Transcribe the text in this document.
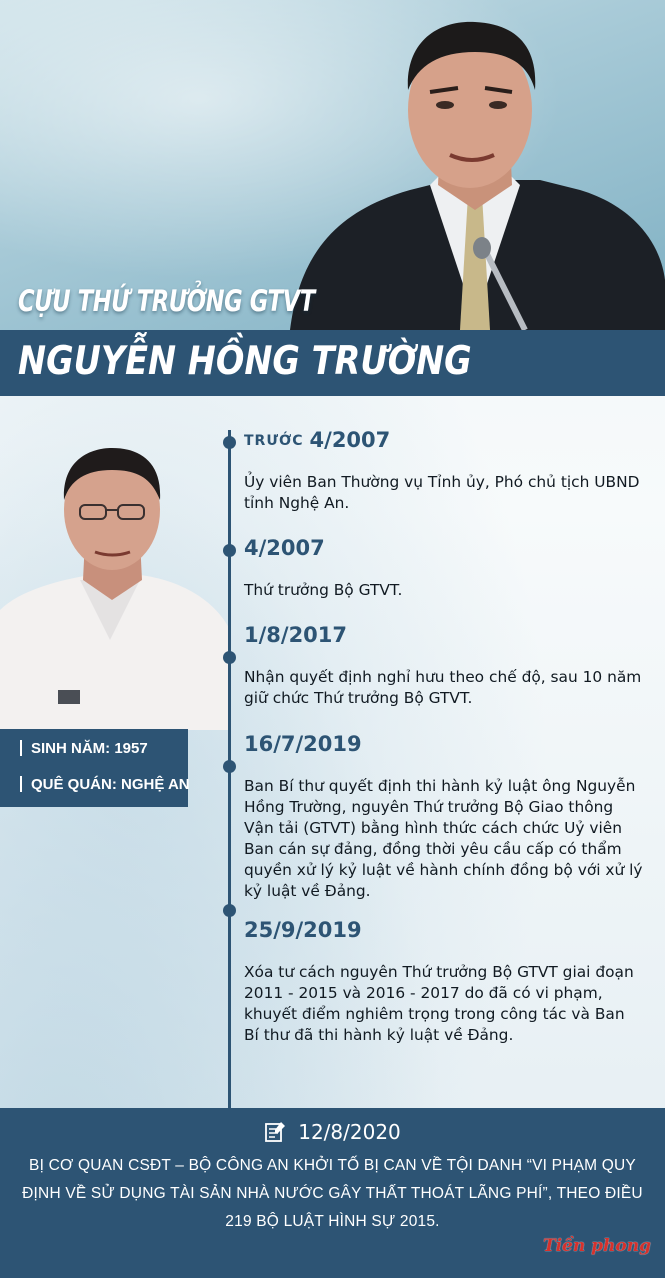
CỰU THỨ TRƯỞNG GTVT
NGUYỄN HỒNG TRƯỜNG
SINH NĂM: 1957
QUÊ QUÁN: NGHỆ AN
TRƯỚC 4/2007
Ủy viên Ban Thường vụ Tỉnh ủy, Phó chủ tịch UBND tỉnh Nghệ An.
4/2007
Thứ trưởng Bộ GTVT.
1/8/2017
Nhận quyết định nghỉ hưu theo chế độ, sau 10 năm giữ chức Thứ trưởng Bộ GTVT.
16/7/2019
Ban Bí thư quyết định thi hành kỷ luật ông Nguyễn Hồng Trường, nguyên Thứ trưởng Bộ Giao thông Vận tải (GTVT) bằng hình thức cách chức Uỷ viên Ban cán sự đảng, đồng thời yêu cầu cấp có thẩm quyền xử lý kỷ luật về hành chính đồng bộ với xử lý kỷ luật về Đảng.
25/9/2019
Xóa tư cách nguyên Thứ trưởng Bộ GTVT giai đoạn 2011 - 2015 và 2016 - 2017 do đã có vi phạm, khuyết điểm nghiêm trọng trong công tác và Ban Bí thư đã thi hành kỷ luật về Đảng.
12/8/2020
BỊ CƠ QUAN CSĐT – BỘ CÔNG AN KHỞI TỐ BỊ CAN VỀ TỘI DANH “VI PHẠM QUY ĐỊNH VỀ SỬ DỤNG TÀI SẢN NHÀ NƯỚC GÂY THẤT THOÁT LÃNG PHÍ”, THEO ĐIỀU 219 BỘ LUẬT HÌNH SỰ 2015.
Tiền phong
